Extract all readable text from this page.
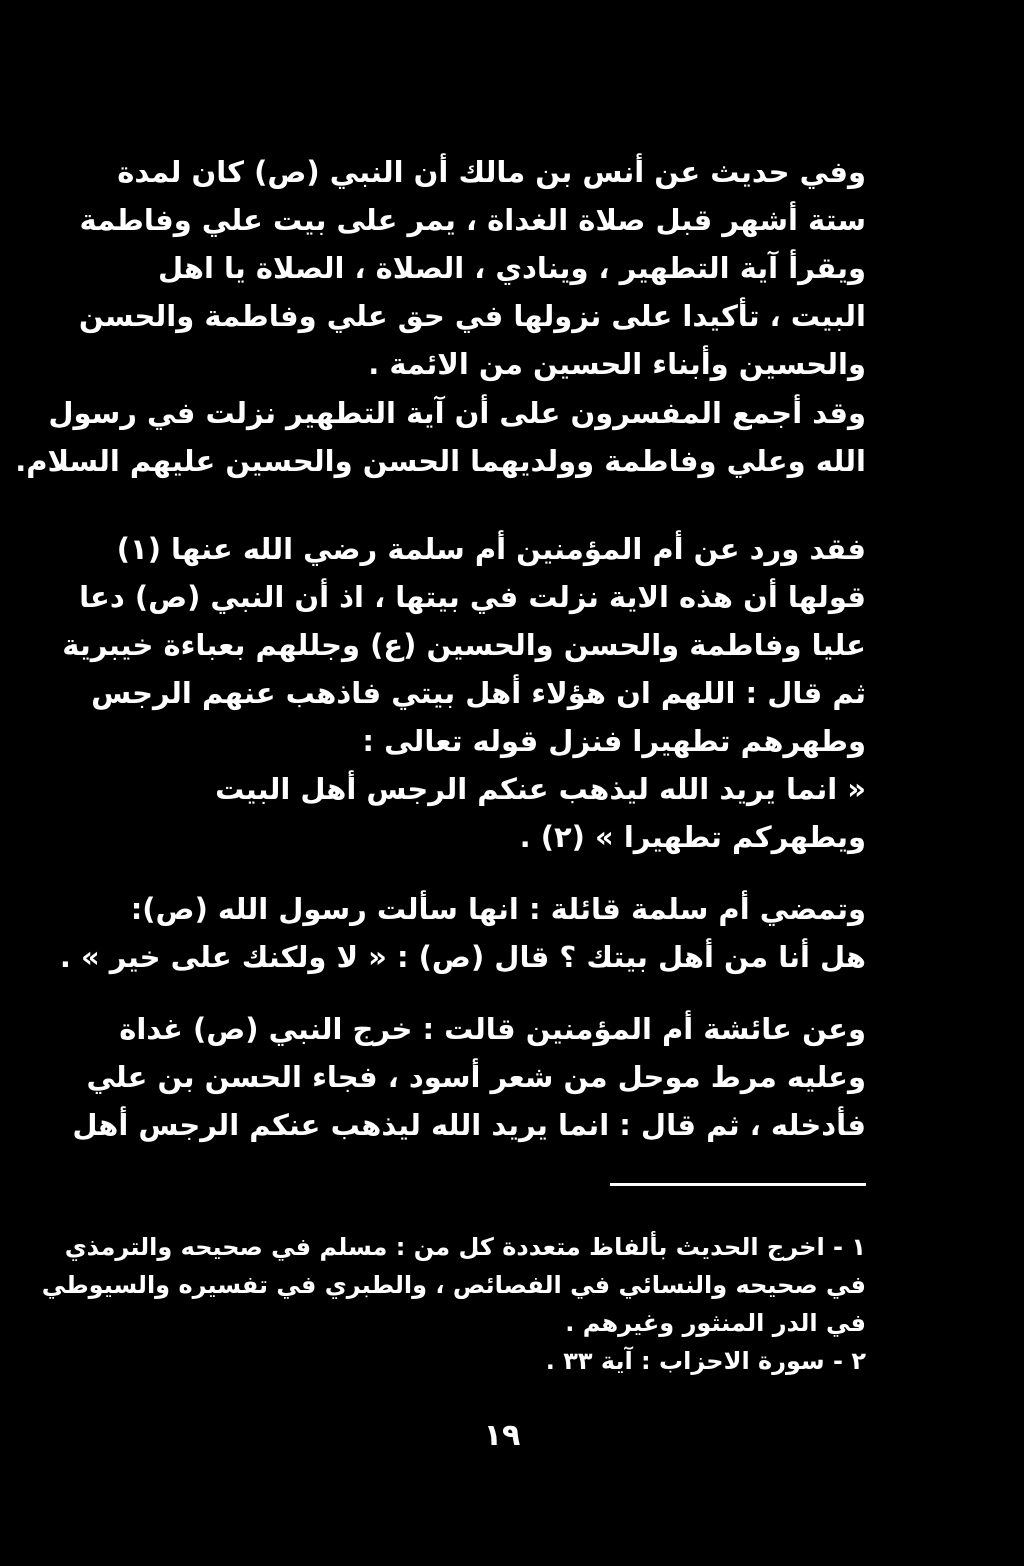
وفي حديث عن أنس بن مالك أن النبي (ص) كان لمدة
ستة أشهر قبل صلاة الغداة ، يمر على بيت علي وفاطمة
ويقرأ آية التطهير ، وينادي ، الصلاة ، الصلاة يا اهل
البيت ، تأكيدا على نزولها في حق علي وفاطمة والحسن
والحسين وأبناء الحسين من الائمة .
وقد أجمع المفسرون على أن آية التطهير نزلت في رسول
الله وعلي وفاطمة وولديهما الحسن والحسين عليهم السلام.
فقد ورد عن أم المؤمنين أم سلمة رضي الله عنها (١)
قولها أن هذه الاية نزلت في بيتها ، اذ أن النبي (ص) دعا
عليا وفاطمة والحسن والحسين (ع) وجللهم بعباءة خيبرية
ثم قال : اللهم ان هؤلاء أهل بيتي فاذهب عنهم الرجس
وطهرهم تطهيرا فنزل قوله تعالى :
« انما يريد الله ليذهب عنكم الرجس أهل البيت
ويطهركم تطهيرا » (٢) .
وتمضي أم سلمة قائلة : انها سألت رسول الله (ص):
هل أنا من أهل بيتك ؟ قال (ص) : « لا ولكنك على خير » .
وعن عائشة أم المؤمنين قالت : خرج النبي (ص) غداة
وعليه مرط موحل من شعر أسود ، فجاء الحسن بن علي
فأدخله ، ثم قال : انما يريد الله ليذهب عنكم الرجس أهل
١ - اخرج الحديث بألفاظ متعددة كل من : مسلم في صحيحه والترمذي
في صحيحه والنسائي في الفصائص ، والطبري في تفسيره والسيوطي
في الدر المنثور وغيرهم .
٢ - سورة الاحزاب : آية ٣٣ .
١٩
